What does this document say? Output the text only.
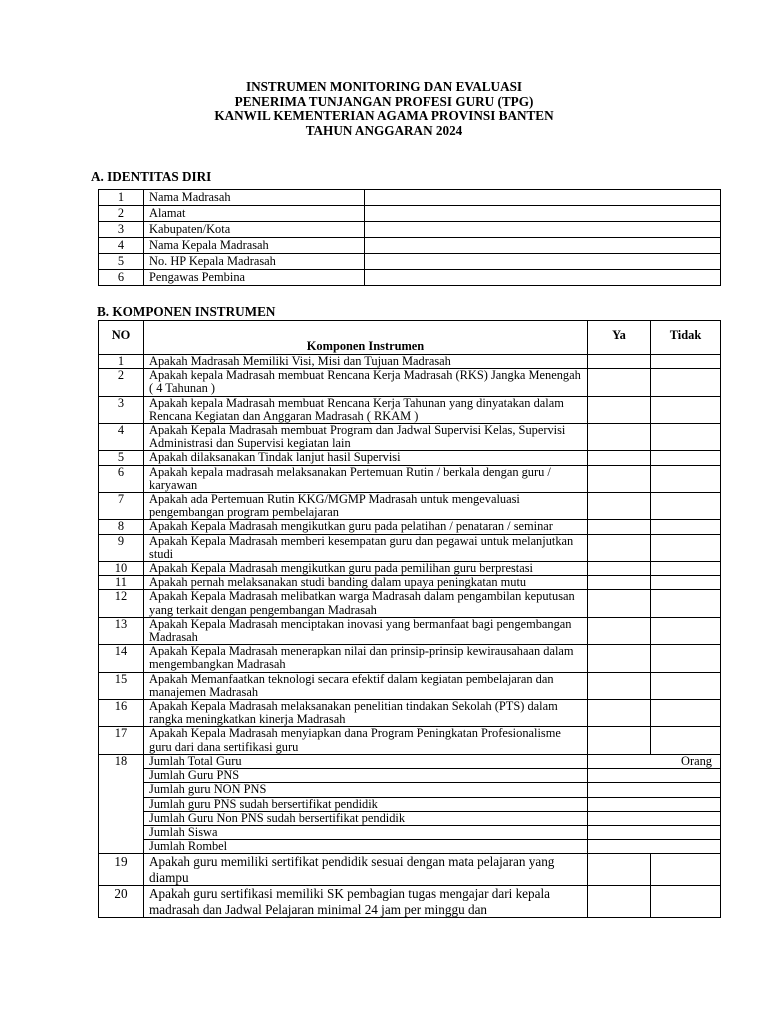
INSTRUMEN MONITORING DAN EVALUASI
PENERIMA TUNJANGAN PROFESI GURU (TPG)
KANWIL KEMENTERIAN AGAMA PROVINSI BANTEN
TAHUN ANGGARAN 2024
A. IDENTITAS DIRI
1	Nama Madrasah	
2	Alamat	
3	Kabupaten/Kota	
4	Nama Kepala Madrasah	
5	No. HP Kepala Madrasah	
6	Pengawas Pembina	
B. KOMPONEN INSTRUMEN
NO	Komponen Instrumen	Ya	Tidak
1	Apakah Madrasah Memiliki Visi, Misi dan Tujuan Madrasah		
2	Apakah kepala Madrasah membuat Rencana Kerja Madrasah (RKS) Jangka Menengah ( 4 Tahunan )		
3	Apakah kepala Madrasah membuat Rencana Kerja Tahunan yang dinyatakan dalam Rencana Kegiatan dan Anggaran Madrasah ( RKAM )		
4	Apakah Kepala Madrasah membuat Program dan Jadwal Supervisi Kelas, Supervisi Administrasi dan Supervisi kegiatan lain		
5	Apakah dilaksanakan Tindak lanjut hasil Supervisi		
6	Apakah kepala madrasah melaksanakan Pertemuan Rutin / berkala dengan guru / karyawan		
7	Apakah ada Pertemuan Rutin KKG/MGMP Madrasah untuk mengevaluasi pengembangan program pembelajaran		
8	Apakah Kepala Madrasah mengikutkan guru pada pelatihan / penataran / seminar		
9	Apakah Kepala Madrasah memberi kesempatan guru dan pegawai untuk melanjutkan studi		
10	Apakah Kepala Madrasah mengikutkan guru pada pemilihan guru berprestasi		
11	Apakah pernah melaksanakan studi banding dalam upaya peningkatan mutu		
12	Apakah Kepala Madrasah melibatkan warga Madrasah dalam pengambilan keputusan yang terkait dengan pengembangan Madrasah		
13	Apakah Kepala Madrasah menciptakan inovasi yang bermanfaat bagi pengembangan Madrasah		
14	Apakah Kepala Madrasah menerapkan nilai dan prinsip-prinsip kewirausahaan dalam mengembangkan Madrasah		
15	Apakah Memanfaatkan teknologi secara efektif dalam kegiatan pembelajaran dan manajemen Madrasah		
16	Apakah Kepala Madrasah melaksanakan penelitian tindakan Sekolah (PTS) dalam rangka meningkatkan kinerja Madrasah		
17	Apakah Kepala Madrasah menyiapkan dana Program Peningkatan Profesionalisme guru dari dana sertifikasi guru		
18	Jumlah Total Guru	Orang	
	Jumlah Guru PNS		
	Jumlah guru NON PNS		
	Jumlah guru PNS sudah bersertifikat pendidik		
	Jumlah Guru Non PNS sudah bersertifikat pendidik		
	Jumlah Siswa		
	Jumlah Rombel		
19	Apakah guru memiliki sertifikat pendidik sesuai dengan mata pelajaran yang diampu		
20	Apakah guru sertifikasi memiliki SK pembagian tugas mengajar dari kepala madrasah dan Jadwal Pelajaran minimal 24 jam per minggu dan		
